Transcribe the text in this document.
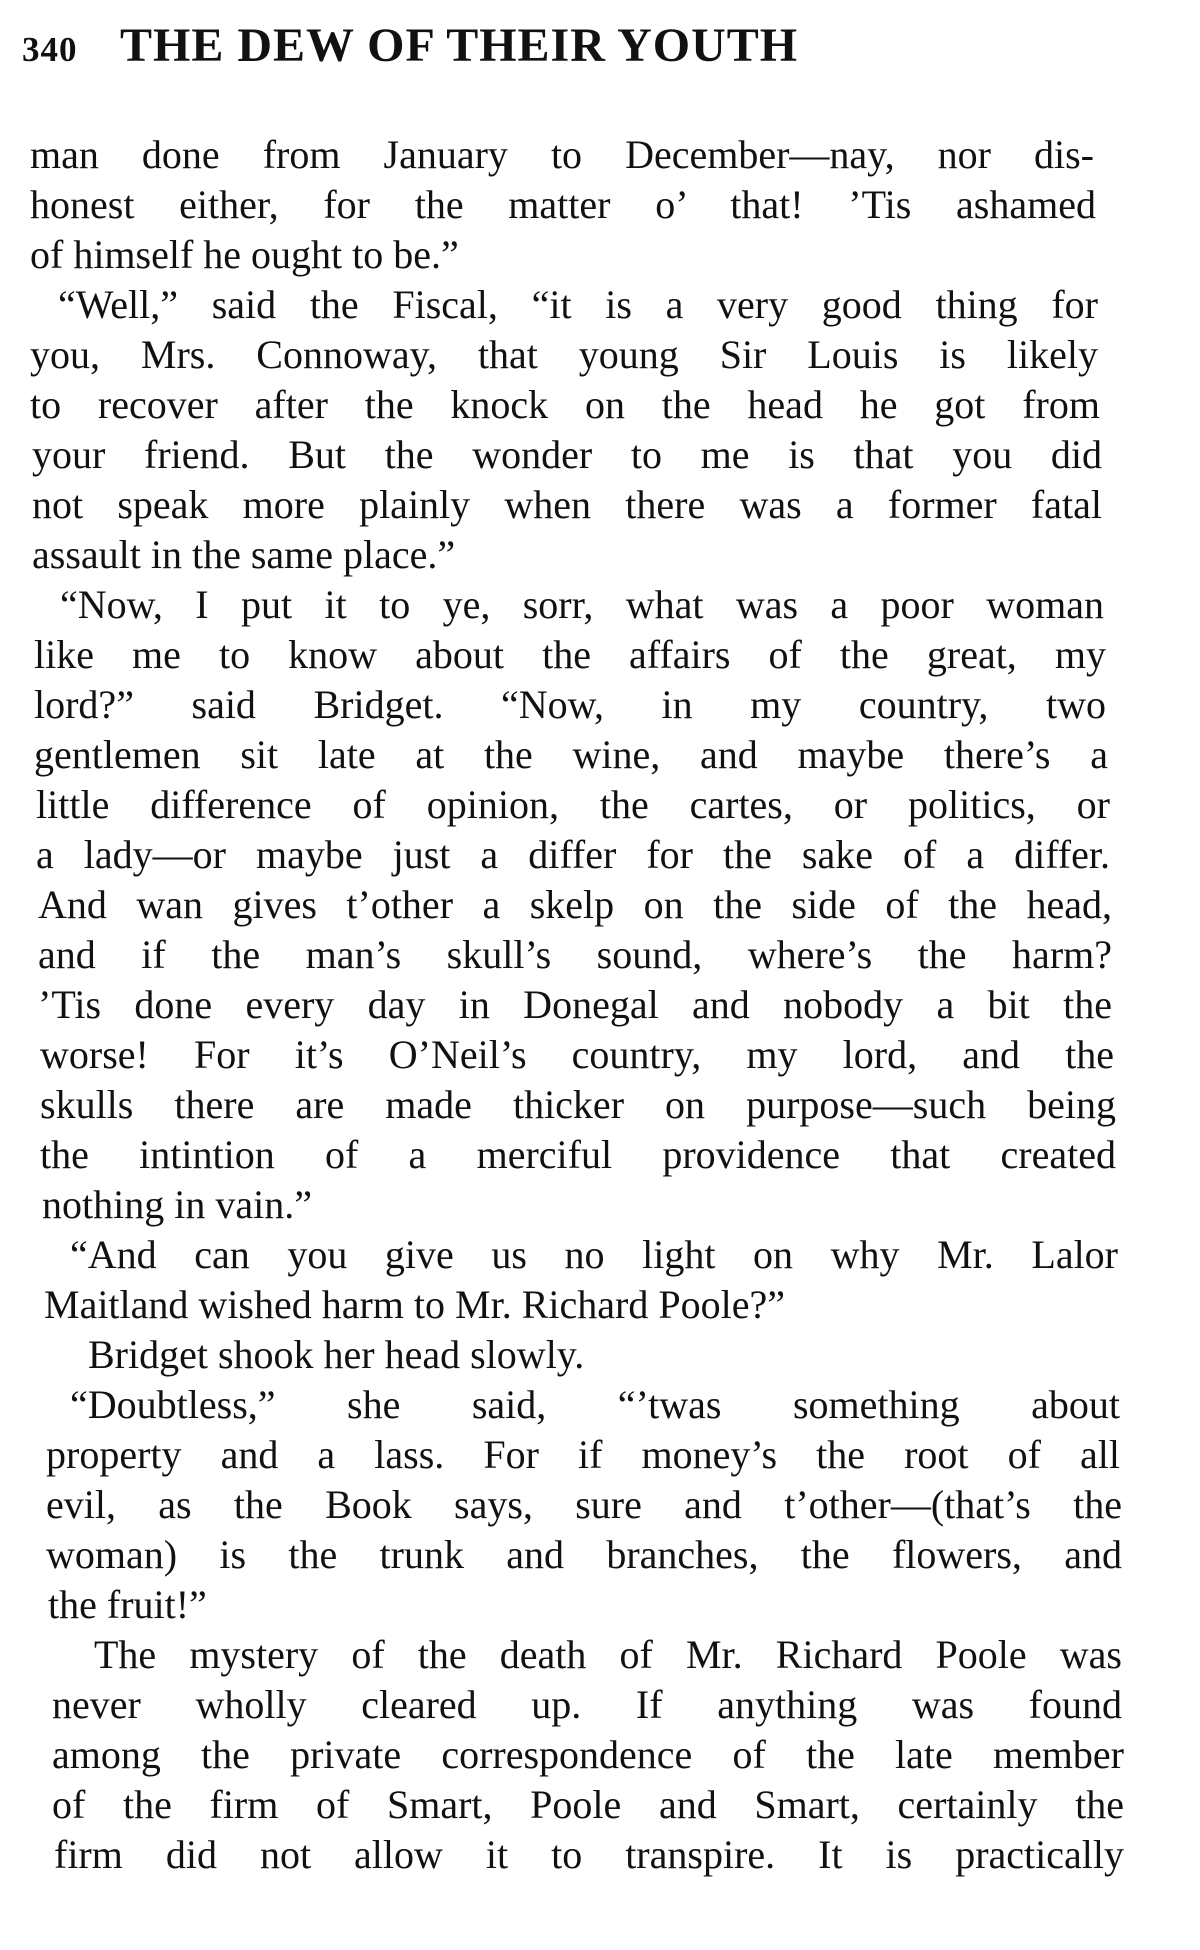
340 THE DEW OF THEIR YOUTH
man done from January to December—nay, nor dis-
honest either, for the matter o’ that! ’Tis ashamed
of himself he ought to be.”
“Well,” said the Fiscal, “it is a very good thing for
you, Mrs. Connoway, that young Sir Louis is likely
to recover after the knock on the head he got from
your friend. But the wonder to me is that you did
not speak more plainly when there was a former fatal
assault in the same place.”
“Now, I put it to ye, sorr, what was a poor woman
like me to know about the affairs of the great, my
lord?” said Bridget. “Now, in my country, two
gentlemen sit late at the wine, and maybe there’s a
little difference of opinion, the cartes, or politics, or
a lady—or maybe just a differ for the sake of a differ.
And wan gives t’other a skelp on the side of the head,
and if the man’s skull’s sound, where’s the harm?
’Tis done every day in Donegal and nobody a bit the
worse! For it’s O’Neil’s country, my lord, and the
skulls there are made thicker on purpose—such being
the intintion of a merciful providence that created
nothing in vain.”
“And can you give us no light on why Mr. Lalor
Maitland wished harm to Mr. Richard Poole?”
Bridget shook her head slowly.
“Doubtless,” she said, “’twas something about
property and a lass. For if money’s the root of all
evil, as the Book says, sure and t’other—(that’s the
woman) is the trunk and branches, the flowers, and
the fruit!”
The mystery of the death of Mr. Richard Poole was
never wholly cleared up. If anything was found
among the private correspondence of the late member
of the firm of Smart, Poole and Smart, certainly the
firm did not allow it to transpire. It is practically
